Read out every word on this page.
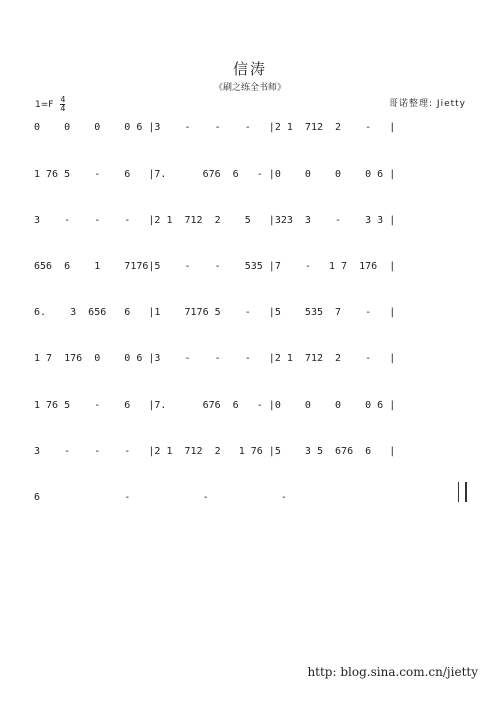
信涛
《刷之练全书师》
$1=F \frac{4}{4}$	哥诺整理: Jietty
0    0    0    0 6 |3    -    -    -   |2 1  712  2    -   |
1 76 5    -    6   |7.      676  6   - |0    0    0    0 6 |
3    -    -    -   |2 1  712  2    5   |323  3    -    3 3 |
656  6    1    7176|5    -    -    535 |7    -   1 7  176  |
6.    3  656   6   |1    7176 5    -   |5    535  7    -   |
1 7  176  0    0 6 |3    -    -    -   |2 1  712  2    -   |
1 76 5    -    6   |7.      676  6   - |0    0    0    0 6 |
3    -    -    -   |2 1  712  2   1 76 |5    3 5  676  6   |
6              -            -            -
http: blog.sina.com.cn/jietty
